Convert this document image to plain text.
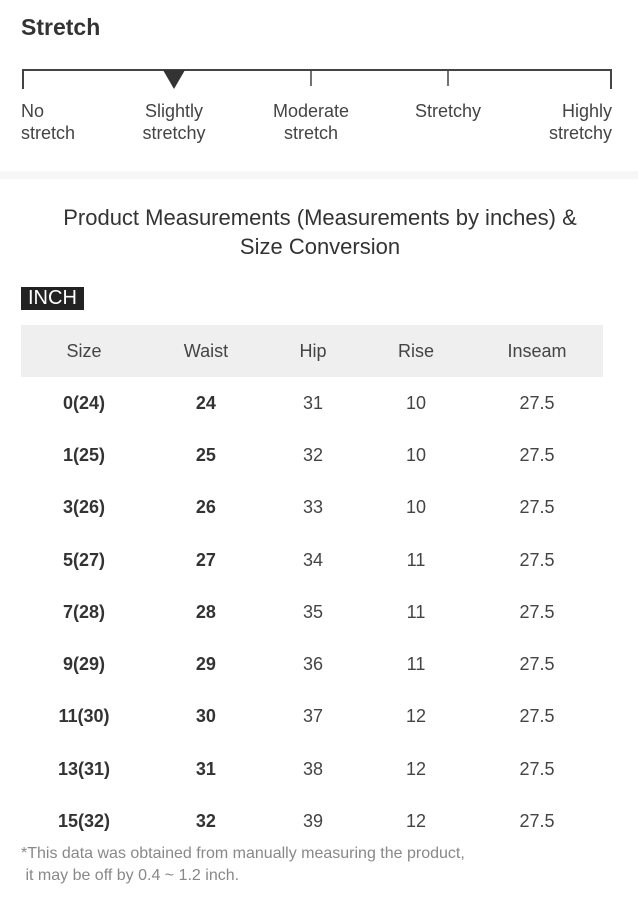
Stretch
No
stretch
Slightly
stretchy
Moderate
stretch
Stretchy	Highly
stretchy
Product Measurements (Measurements by inches) & Size Conversion
INCH
Size	Waist	Hip	Rise	Inseam
0(24)	24	31	10	27.5
1(25)	25	32	10	27.5
3(26)	26	33	10	27.5
5(27)	27	34	11	27.5
7(28)	28	35	11	27.5
9(29)	29	36	11	27.5
11(30)	30	37	12	27.5
13(31)	31	38	12	27.5
15(32)	32	39	12	27.5
*This data was obtained from manually measuring the product,
it may be off by 0.4 ~ 1.2 inch.
